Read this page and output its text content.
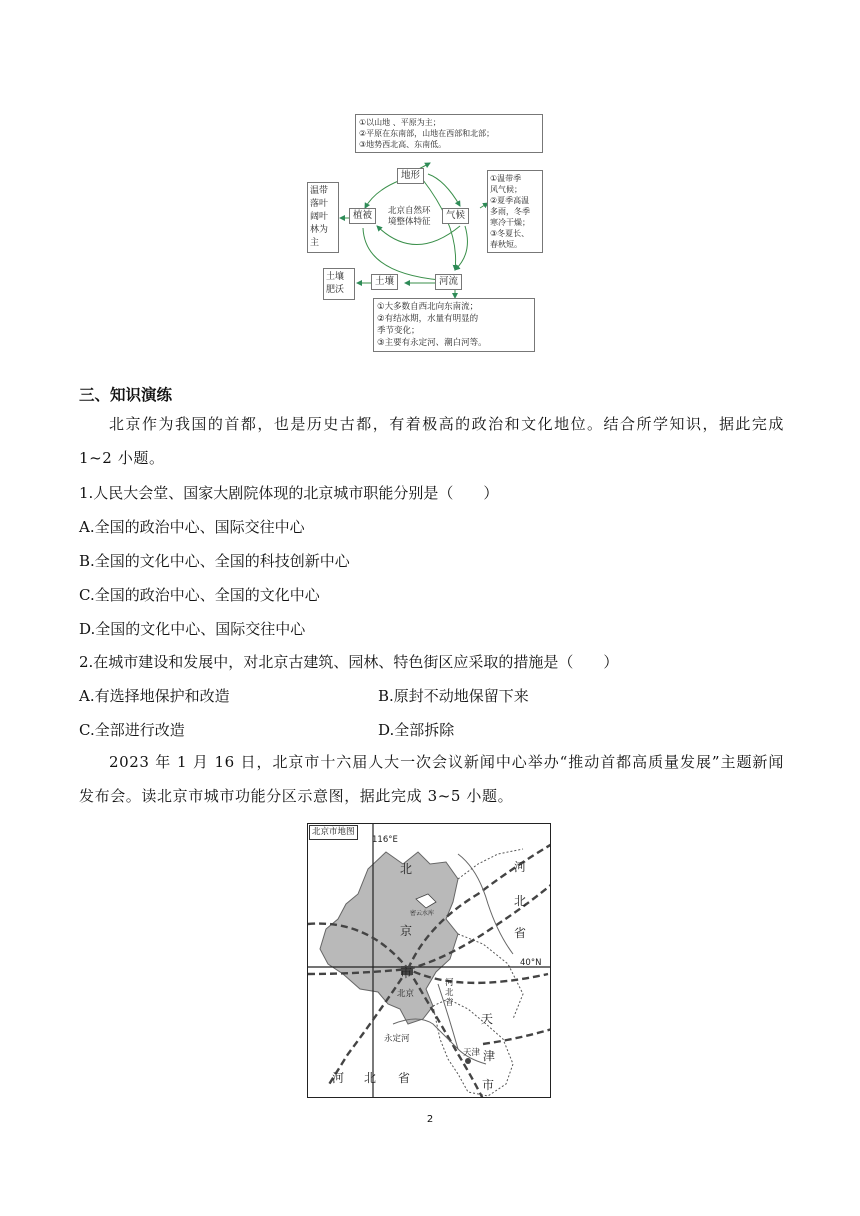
①以山地 、平原为主；
②平原在东南部，山地在西部和北部；
③地势西北高、东南低。
地形	①温带季
风气候；
②夏季高温
多雨，冬季
寒冷干燥；
③冬夏长、
春秋短。
气候
植被	北京自然环
境整体特征
温带
落叶
阔叶
林为
主
河流
土壤
土壤
肥沃
①大多数自西北向东南流；
②有结冰期，水量有明显的
季节变化；
③主要有永定河、潮白河等。
三、知识演练

北京作为我国的首都，也是历史古都，有着极高的政治和文化地位。结合所学知识，据此完成 1~2 小题。

1.人民大会堂、国家大剧院体现的北京城市职能分别是（　　）
A.全国的政治中心、国际交往中心
B.全国的文化中心、全国的科技创新中心
C.全国的政治中心、全国的文化中心
D.全国的文化中心、国际交往中心
2.在城市建设和发展中，对北京古建筑、园林、特色街区应采取的措施是（　　）
A.有选择地保护和改造	B.原封不动地保留下来
C.全部进行改造	D.全部拆除

2023 年 1 月 16 日，北京市十六届人大一次会议新闻中心举办“推动首都高质量发展”主题新闻发布会。读北京市城市功能分区示意图，据此完成 3~5 小题。

北京市地图
116°E
40°N
北
京
市
密云水库
北京
河
北
省
河
北
省
天
津
市
天津
永定河
河 北 省
2
